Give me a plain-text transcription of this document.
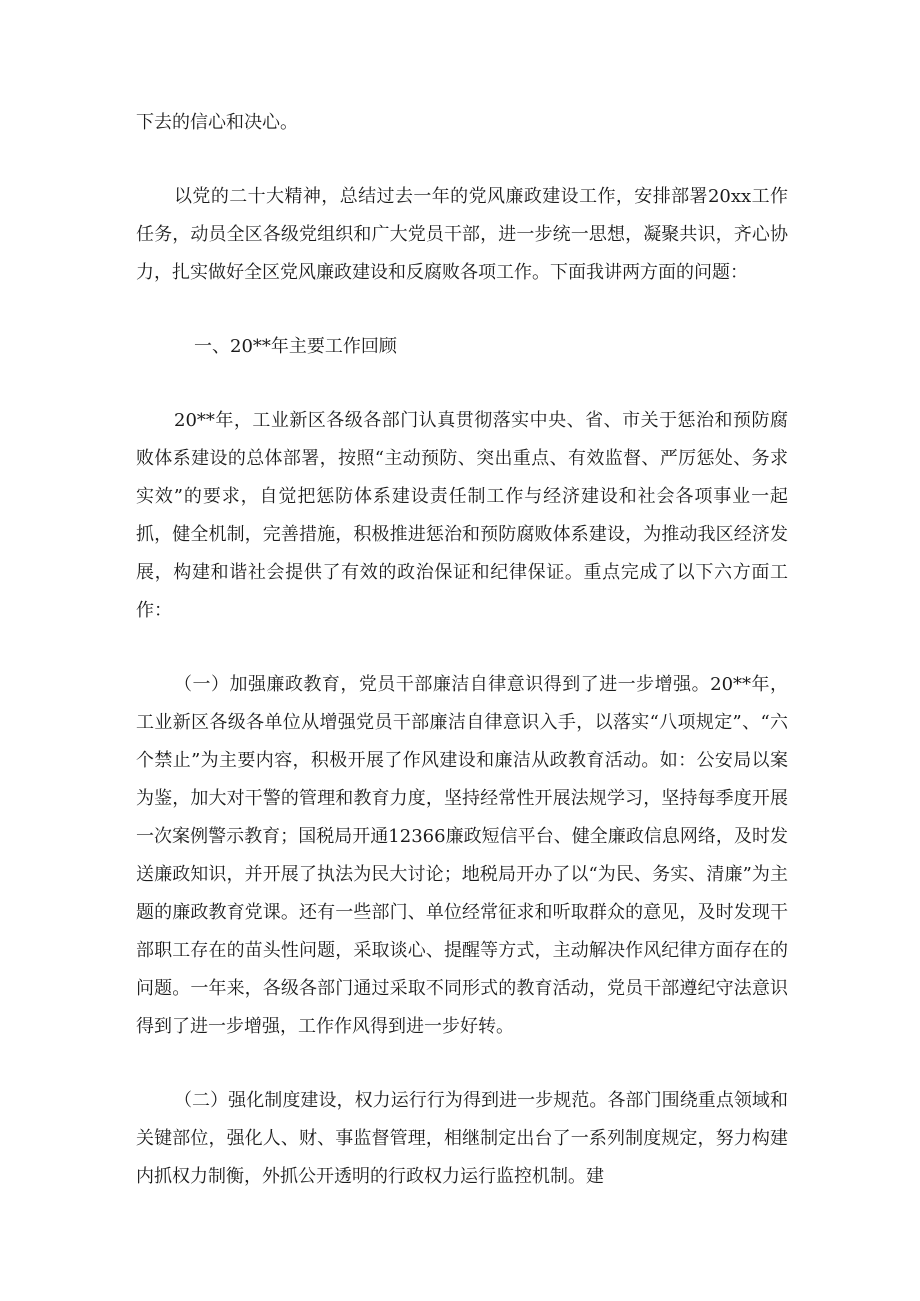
下去的信心和决心。

以党的二十大精神，总结过去一年的党风廉政建设工作，安排部署20xx工作任务，动员全区各级党组织和广大党员干部，进一步统一思想，凝聚共识，齐心协力，扎实做好全区党风廉政建设和反腐败各项工作。下面我讲两方面的问题：

一、20**年主要工作回顾

20**年，工业新区各级各部门认真贯彻落实中央、省、市关于惩治和预防腐败体系建设的总体部署，按照“主动预防、突出重点、有效监督、严厉惩处、务求实效”的要求，自觉把惩防体系建设责任制工作与经济建设和社会各项事业一起抓，健全机制，完善措施，积极推进惩治和预防腐败体系建设，为推动我区经济发展，构建和谐社会提供了有效的政治保证和纪律保证。重点完成了以下六方面工作：

（一）加强廉政教育，党员干部廉洁自律意识得到了进一步增强。20**年，工业新区各级各单位从增强党员干部廉洁自律意识入手，以落实“八项规定”、“六个禁止”为主要内容，积极开展了作风建设和廉洁从政教育活动。如：公安局以案为鉴，加大对干警的管理和教育力度，坚持经常性开展法规学习，坚持每季度开展一次案例警示教育；国税局开通12366廉政短信平台、健全廉政信息网络，及时发送廉政知识，并开展了执法为民大讨论；地税局开办了以“为民、务实、清廉”为主题的廉政教育党课。还有一些部门、单位经常征求和听取群众的意见，及时发现干部职工存在的苗头性问题，采取谈心、提醒等方式，主动解决作风纪律方面存在的问题。一年来，各级各部门通过采取不同形式的教育活动，党员干部遵纪守法意识得到了进一步增强，工作作风得到进一步好转。

（二）强化制度建设，权力运行行为得到进一步规范。各部门围绕重点领域和关键部位，强化人、财、事监督管理，相继制定出台了一系列制度规定，努力构建内抓权力制衡，外抓公开透明的行政权力运行监控机制。建
